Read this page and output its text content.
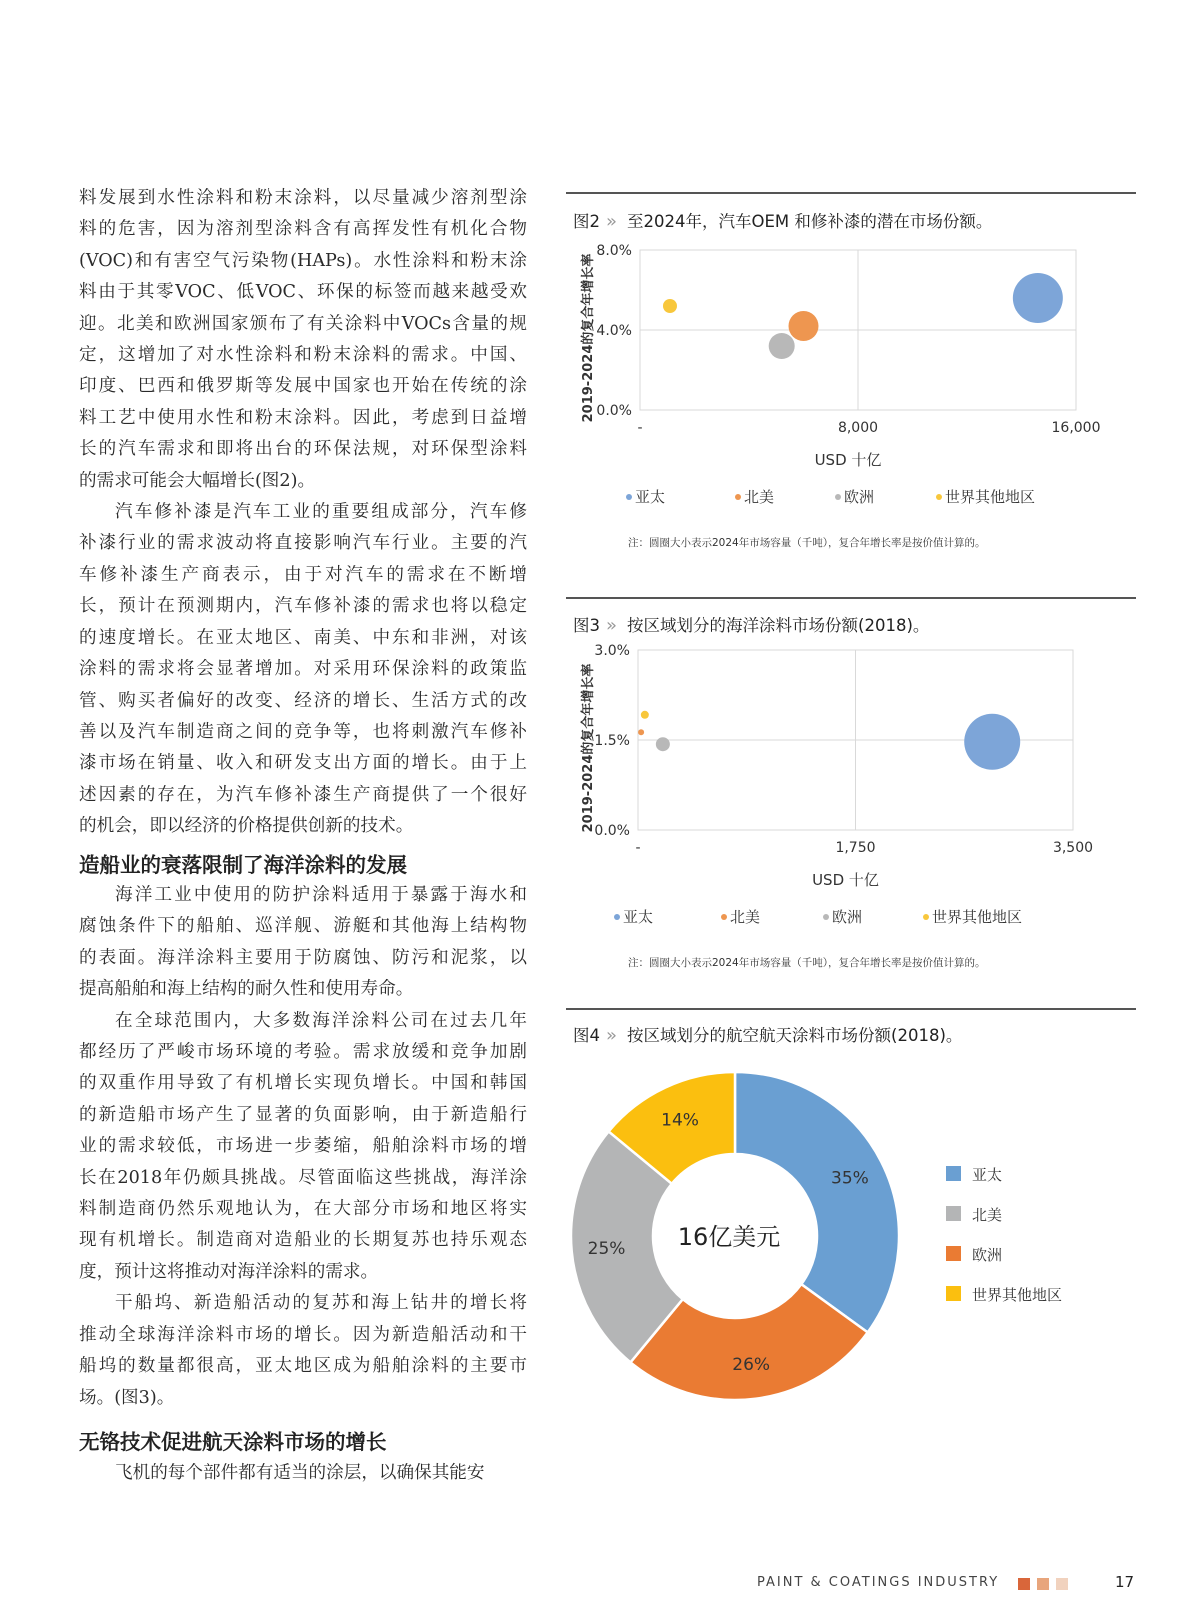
料发展到水性涂料和粉末涂料，以尽量减少溶剂型涂

料的危害，因为溶剂型涂料含有高挥发性有机化合物

(VOC)和有害空气污染物(HAPs)。水性涂料和粉末涂

料由于其零VOC、低VOC、环保的标签而越来越受欢

迎。北美和欧洲国家颁布了有关涂料中VOCs含量的规

定，这增加了对水性涂料和粉末涂料的需求。中国、

印度、巴西和俄罗斯等发展中国家也开始在传统的涂

料工艺中使用水性和粉末涂料。因此，考虑到日益增

长的汽车需求和即将出台的环保法规，对环保型涂料

的需求可能会大幅增长(图2)。

汽车修补漆是汽车工业的重要组成部分，汽车修

补漆行业的需求波动将直接影响汽车行业。主要的汽

车修补漆生产商表示，由于对汽车的需求在不断增

长，预计在预测期内，汽车修补漆的需求也将以稳定

的速度增长。在亚太地区、南美、中东和非洲，对该

涂料的需求将会显著增加。对采用环保涂料的政策监

管、购买者偏好的改变、经济的增长、生活方式的改

善以及汽车制造商之间的竞争等，也将刺激汽车修补

漆市场在销量、收入和研发支出方面的增长。由于上

述因素的存在，为汽车修补漆生产商提供了一个很好

的机会，即以经济的价格提供创新的技术。

造船业的衰落限制了海洋涂料的发展

海洋工业中使用的防护涂料适用于暴露于海水和

腐蚀条件下的船舶、巡洋舰、游艇和其他海上结构物

的表面。海洋涂料主要用于防腐蚀、防污和泥浆，以

提高船舶和海上结构的耐久性和使用寿命。

在全球范围内，大多数海洋涂料公司在过去几年

都经历了严峻市场环境的考验。需求放缓和竞争加剧

的双重作用导致了有机增长实现负增长。中国和韩国

的新造船市场产生了显著的负面影响，由于新造船行

业的需求较低，市场进一步萎缩，船舶涂料市场的增

长在2018年仍颇具挑战。尽管面临这些挑战，海洋涂

料制造商仍然乐观地认为，在大部分市场和地区将实

现有机增长。制造商对造船业的长期复苏也持乐观态

度，预计这将推动对海洋涂料的需求。

干船坞、新造船活动的复苏和海上钻井的增长将

推动全球海洋涂料市场的增长。因为新造船活动和干

船坞的数量都很高，亚太地区成为船舶涂料的主要市

场。(图3)。

无铬技术促进航天涂料市场的增长

飞机的每个部件都有适当的涂层，以确保其能安

图2 » 至2024年，汽车OEM 和修补漆的潜在市场份额。
0.0%
4.0%
8.0%
-	8,000	16,000
USD 十亿
2019-2024的复合年增长率
亚太	北美	欧洲	世界其他地区
注：圆圈大小表示2024年市场容量（千吨），复合年增长率是按价值计算的。
图3 » 按区域划分的海洋涂料市场份额(2018)。
0.0%
1.5%
3.0%
-	1,750	3,500
USD 十亿
2019-2024的复合年增长率
亚太	北美	欧洲	世界其他地区
注：圆圈大小表示2024年市场容量（千吨），复合年增长率是按价值计算的。
图4 » 按区域划分的航空航天涂料市场份额(2018)。
35%
26%
25%
14%
16亿美元
亚太
北美
欧洲
世界其他地区
PAINT & COATINGS INDUSTRY	17
